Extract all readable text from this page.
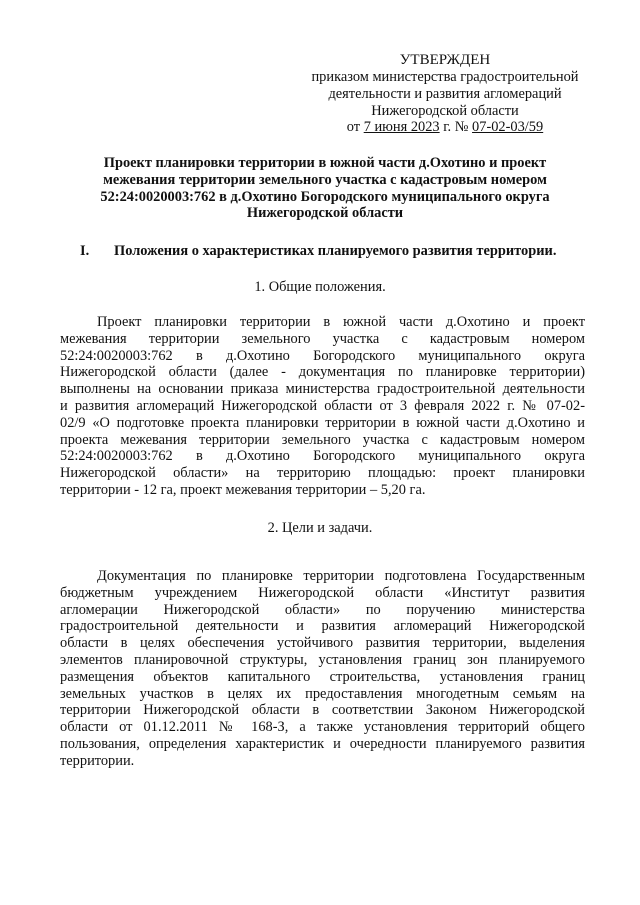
УТВЕРЖДЕН
приказом министерства градостроительной
деятельности и развития агломераций
Нижегородской области
от 7 июня 2023 г. № 07-02-03/59
Проект планировки территории в южной части д.Охотино и проект
межевания территории земельного участка с кадастровым номером
52:24:0020003:762 в д.Охотино Богородского муниципального округа
Нижегородской области
I. Положения о характеристиках планируемого развития территории.
1. Общие положения.
Проект планировки территории в южной части д.Охотино и проект
межевания территории земельного участка с кадастровым номером
52:24:0020003:762 в д.Охотино Богородского муниципального округа
Нижегородской области (далее - документация по планировке территории)
выполнены на основании приказа министерства градостроительной деятельности
и развития агломераций Нижегородской области от 3 февраля 2022 г. № 07-02-
02/9 «О подготовке проекта планировки территории в южной части д.Охотино и
проекта межевания территории земельного участка с кадастровым номером
52:24:0020003:762 в д.Охотино Богородского муниципального округа
Нижегородской области» на территорию площадью: проект планировки
территории - 12 га, проект межевания территории – 5,20 га.
2. Цели и задачи.
Документация по планировке территории подготовлена Государственным
бюджетным учреждением Нижегородской области «Институт развития
агломерации Нижегородской области» по поручению министерства
градостроительной деятельности и развития агломераций Нижегородской
области в целях обеспечения устойчивого развития территории, выделения
элементов планировочной структуры, установления границ зон планируемого
размещения объектов капитального строительства, установления границ
земельных участков в целях их предоставления многодетным семьям на
территории Нижегородской области в соответствии Законом Нижегородской
области от 01.12.2011 № 168-З, а также установления территорий общего
пользования, определения характеристик и очередности планируемого развития
территории.
